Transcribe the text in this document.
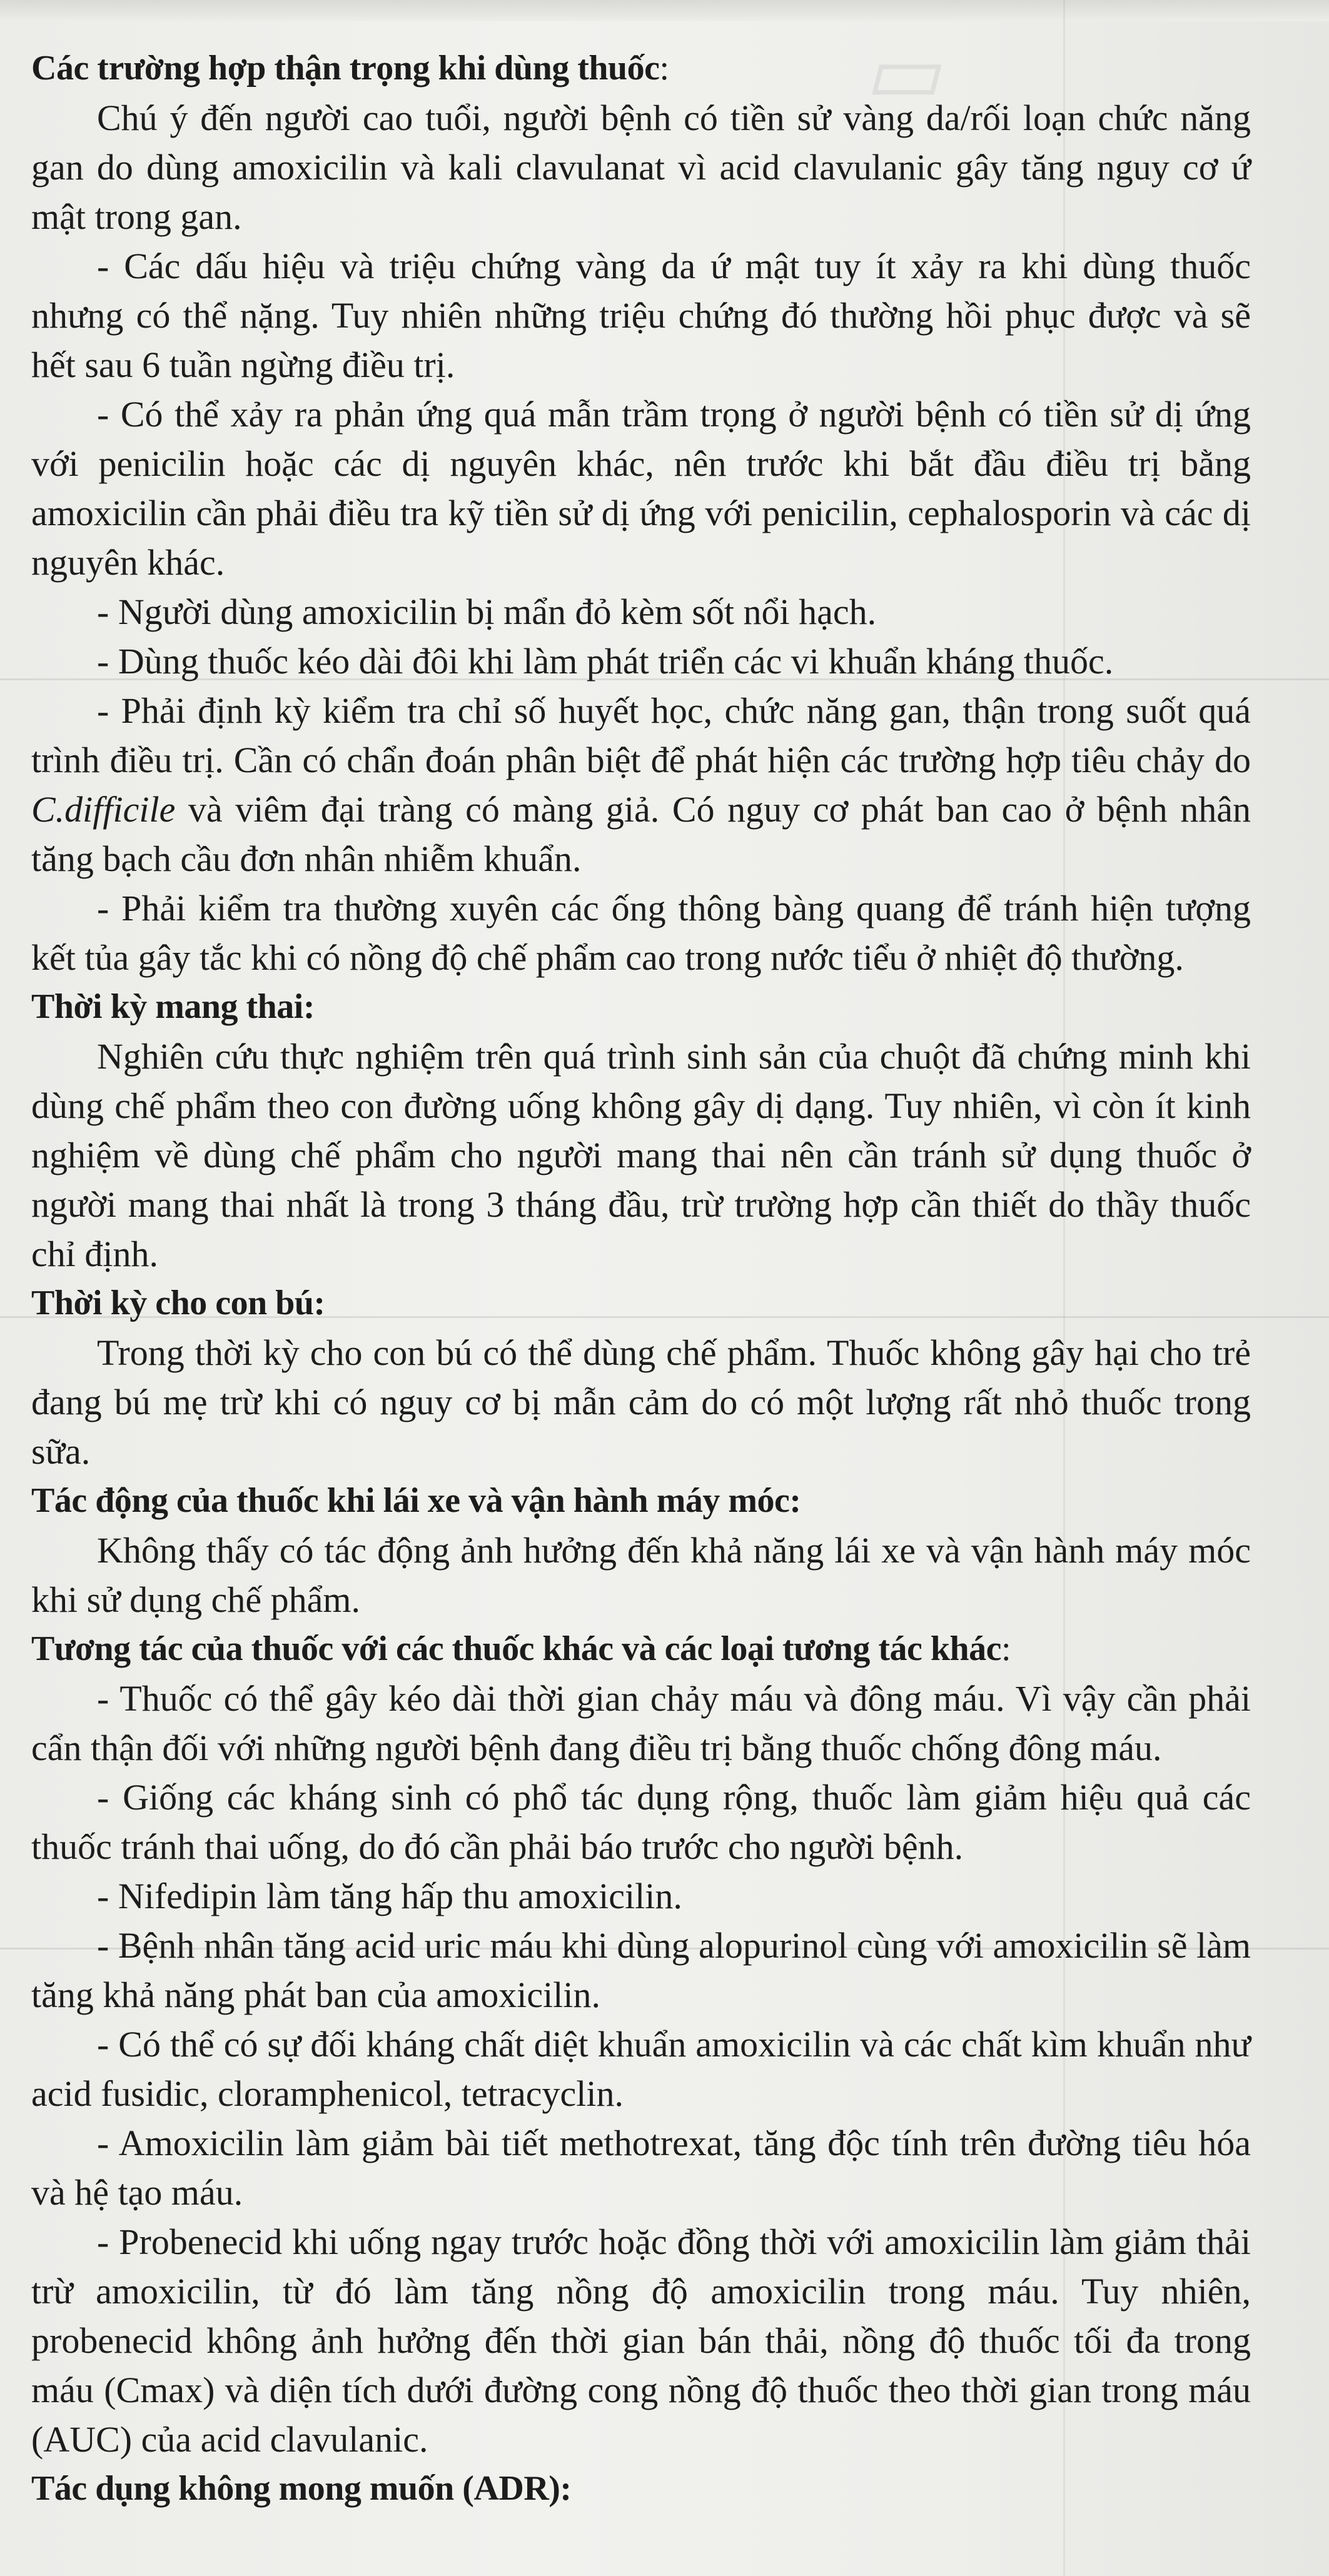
▭
Các trường hợp thận trọng khi dùng thuốc:

Chú ý đến người cao tuổi, người bệnh có tiền sử vàng da/rối loạn chức năng gan do dùng amoxicilin và kali clavulanat vì acid clavulanic gây tăng nguy cơ ứ mật trong gan.

- Các dấu hiệu và triệu chứng vàng da ứ mật tuy ít xảy ra khi dùng thuốc nhưng có thể nặng. Tuy nhiên những triệu chứng đó thường hồi phục được và sẽ hết sau 6 tuần ngừng điều trị.

- Có thể xảy ra phản ứng quá mẫn trầm trọng ở người bệnh có tiền sử dị ứng với penicilin hoặc các dị nguyên khác, nên trước khi bắt đầu điều trị bằng amoxicilin cần phải điều tra kỹ tiền sử dị ứng với penicilin, cephalosporin và các dị nguyên khác.

- Người dùng amoxicilin bị mẩn đỏ kèm sốt nổi hạch.

- Dùng thuốc kéo dài đôi khi làm phát triển các vi khuẩn kháng thuốc.

- Phải định kỳ kiểm tra chỉ số huyết học, chức năng gan, thận trong suốt quá trình điều trị. Cần có chẩn đoán phân biệt để phát hiện các trường hợp tiêu chảy do C.difficile và viêm đại tràng có màng giả. Có nguy cơ phát ban cao ở bệnh nhân tăng bạch cầu đơn nhân nhiễm khuẩn.

- Phải kiểm tra thường xuyên các ống thông bàng quang để tránh hiện tượng kết tủa gây tắc khi có nồng độ chế phẩm cao trong nước tiểu ở nhiệt độ thường.

Thời kỳ mang thai:

Nghiên cứu thực nghiệm trên quá trình sinh sản của chuột đã chứng minh khi dùng chế phẩm theo con đường uống không gây dị dạng. Tuy nhiên, vì còn ít kinh nghiệm về dùng chế phẩm cho người mang thai nên cần tránh sử dụng thuốc ở người mang thai nhất là trong 3 tháng đầu, trừ trường hợp cần thiết do thầy thuốc chỉ định.

Thời kỳ cho con bú:

Trong thời kỳ cho con bú có thể dùng chế phẩm. Thuốc không gây hại cho trẻ đang bú mẹ trừ khi có nguy cơ bị mẫn cảm do có một lượng rất nhỏ thuốc trong sữa.

Tác động của thuốc khi lái xe và vận hành máy móc:

Không thấy có tác động ảnh hưởng đến khả năng lái xe và vận hành máy móc khi sử dụng chế phẩm.

Tương tác của thuốc với các thuốc khác và các loại tương tác khác:

- Thuốc có thể gây kéo dài thời gian chảy máu và đông máu. Vì vậy cần phải cẩn thận đối với những người bệnh đang điều trị bằng thuốc chống đông máu.

- Giống các kháng sinh có phổ tác dụng rộng, thuốc làm giảm hiệu quả các thuốc tránh thai uống, do đó cần phải báo trước cho người bệnh.

- Nifedipin làm tăng hấp thu amoxicilin.

- Bệnh nhân tăng acid uric máu khi dùng alopurinol cùng với amoxicilin sẽ làm tăng khả năng phát ban của amoxicilin.

- Có thể có sự đối kháng chất diệt khuẩn amoxicilin và các chất kìm khuẩn như acid fusidic, cloramphenicol, tetracyclin.

- Amoxicilin làm giảm bài tiết methotrexat, tăng độc tính trên đường tiêu hóa và hệ tạo máu.

- Probenecid khi uống ngay trước hoặc đồng thời với amoxicilin làm giảm thải trừ amoxicilin, từ đó làm tăng nồng độ amoxicilin trong máu. Tuy nhiên, probenecid không ảnh hưởng đến thời gian bán thải, nồng độ thuốc tối đa trong máu (Cmax) và diện tích dưới đường cong nồng độ thuốc theo thời gian trong máu (AUC) của acid clavulanic.

Tác dụng không mong muốn (ADR):
